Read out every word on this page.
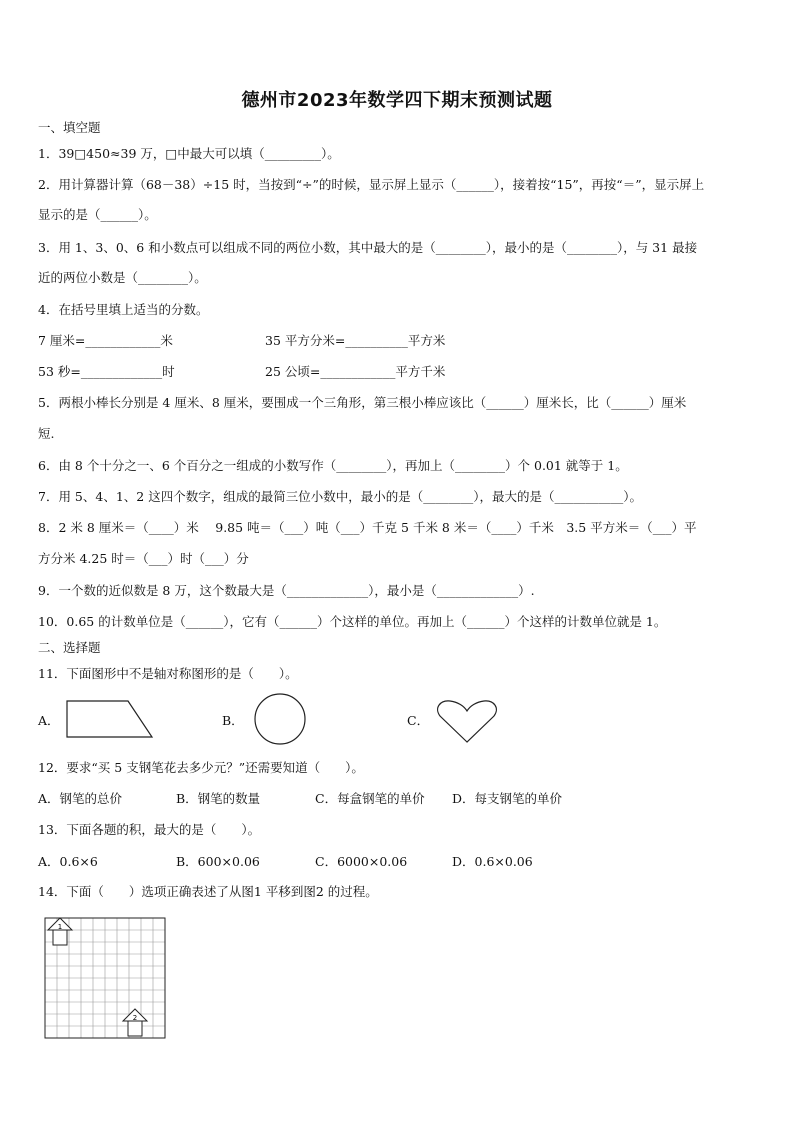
德州市2023年数学四下期末预测试题
一、填空题
1．39□450≈39 万，□中最大可以填（_________）。
2．用计算器计算（68－38）÷15 时，当按到“÷”的时候，显示屏上显示（______），接着按“15”，再按“＝”，显示屏上
显示的是（______）。
3．用 1、3、0、6 和小数点可以组成不同的两位小数，其中最大的是（________），最小的是（________），与 31 最接
近的两位小数是（________）。
4．在括号里填上适当的分数。
7 厘米=____________米	35 平方分米=__________平方米
53 秒=_____________时	25 公顷=____________平方千米
5．两根小棒长分别是 4 厘米、8 厘米，要围成一个三角形，第三根小棒应该比（______）厘米长，比（______）厘米
短.
6．由 8 个十分之一、6 个百分之一组成的小数写作（________），再加上（________）个 0.01 就等于 1。
7．用 5、4、1、2 这四个数字，组成的最简三位小数中，最小的是（________），最大的是（___________）。
8．2 米 8 厘米＝（____）米　 9.85 吨＝（___）吨（___）千克 5 千米 8 米＝（____）千米　3.5 平方米＝（___）平
方分米 4.25 时＝（___）时（___）分
9．一个数的近似数是 8 万，这个数最大是（_____________），最小是（_____________）.
10．0.65 的计数单位是（______），它有（______）个这样的单位。再加上（______）个这样的计数单位就是 1。
二、选择题
11．下面图形中不是轴对称图形的是（　　）。
A．	B．	C．
12．要求“买 5 支钢笔花去多少元？”还需要知道（　　）。
A．钢笔的总价	B．钢笔的数量	C．每盒钢笔的单价 D．每支钢笔的单价
13．下面各题的积，最大的是（　　）。
A．0.6×6	B．600×0.06	C．6000×0.06	D．0.6×0.06
14．下面（　　）选项正确表述了从图1 平移到图2 的过程。
1
2
